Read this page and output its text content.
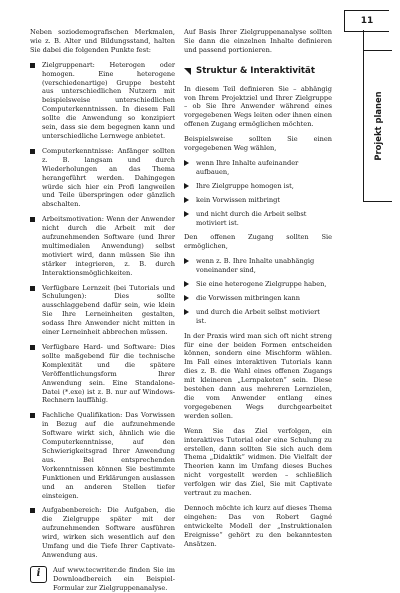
11
Projekt planen

Neben soziodemografischen Merkmalen, wie z. B. Alter und Bildungsstand, halten Sie dabei die folgenden Punkte fest:

Zielgruppenart: Heterogen oder homogen. Eine heterogene (verschiedenartige) Gruppe besteht aus unterschiedlichen Nutzern mit beispielsweise unterschiedlichen Computerkenntnissen. In diesem Fall sollte die Anwendung so konzipiert sein, dass sie dem begegnen kann und unterschiedliche Lernwege anbietet.
Computerkenntnisse: Anfänger sollten z. B. langsam und durch Wiederholungen an das Thema herangeführt werden. Dahingegen würde sich hier ein Profi langweilen und Teile überspringen oder gänzlich abschalten.
Arbeitsmotivation: Wenn der Anwender nicht durch die Arbeit mit der aufzunehmenden Software (und Ihrer multimedialen Anwendung) selbst motiviert wird, dann müssen Sie ihn stärker integrieren, z. B. durch Interaktionsmöglichkeiten.
Verfügbare Lernzeit (bei Tutorials und Schulungen): Dies sollte ausschlaggebend dafür sein, wie klein Sie Ihre Lerneinheiten gestalten, sodass Ihre Anwender nicht mitten in einer Lerneinheit abbrechen müssen.
Verfügbare Hard- und Software: Dies sollte maßgebend für die technische Komplexität und die spätere Veröffentlichungsform Ihrer Anwendung sein. Eine Standalone-Datei (*.exe) ist z. B. nur auf Windows-Rechnern lauffähig.
Fachliche Qualifikation: Das Vorwissen in Bezug auf die aufzunehmende Software wirkt sich, ähnlich wie die Computerkenntnisse, auf den Schwierigkeitsgrad Ihrer Anwendung aus. Bei entsprechenden Vorkenntnissen können Sie bestimmte Funktionen und Erklärungen auslassen und an anderen Stellen tiefer einsteigen.
Aufgabenbereich: Die Aufgaben, die die Zielgruppe später mit der aufzunehmenden Software ausführen wird, wirken sich wesentlich auf den Umfang und die Tiefe Ihrer Captivate-Anwendung aus.
i	Auf www.tecwriter.de finden Sie im Downloadbereich ein Beispiel-Formular zur Zielgruppenanalyse.

Auf Basis Ihrer Zielgruppenanalyse sollten Sie dann die einzelnen Inhalte definieren und passend portionieren.

Struktur & Interaktivität

In diesem Teil definieren Sie – abhängig von Ihrem Projektziel und Ihrer Zielgruppe – ob Sie Ihre Anwender während eines vorgegebenen Wegs leiten oder ihnen einen offenen Zugang ermöglichen möchten.

Beispielsweise sollten Sie einen vorgegebenen Weg wählen,

wenn Ihre Inhalte aufeinander aufbauen,
Ihre Zielgruppe homogen ist,
kein Vorwissen mitbringt
und nicht durch die Arbeit selbst motiviert ist.

Den offenen Zugang sollten Sie ermöglichen,

wenn z. B. Ihre Inhalte unabhängig voneinander sind,
Sie eine heterogene Zielgruppe haben,
die Vorwissen mitbringen kann
und durch die Arbeit selbst motiviert ist.

In der Praxis wird man sich oft nicht streng für eine der beiden Formen entscheiden können, sondern eine Mischform wählen. Im Fall eines interaktiven Tutorials kann dies z. B. die Wahl eines offenen Zugangs mit kleineren „Lernpaketen“ sein. Diese bestehen dann aus mehreren Lernzielen, die vom Anwender entlang eines vorgegebenen Wegs durchgearbeitet werden sollen.

Wenn Sie das Ziel verfolgen, ein interaktives Tutorial oder eine Schulung zu erstellen, dann sollten Sie sich auch dem Thema „Didaktik“ widmen. Die Vielfalt der Theorien kann im Umfang dieses Buches nicht vorgestellt werden – schließlich verfolgen wir das Ziel, Sie mit Captivate vertraut zu machen.

Dennoch möchte ich kurz auf dieses Thema eingehen: Das von Robert Gagné entwickelte Modell der „Instruktionalen Ereignisse“ gehört zu den bekanntesten Ansätzen.
